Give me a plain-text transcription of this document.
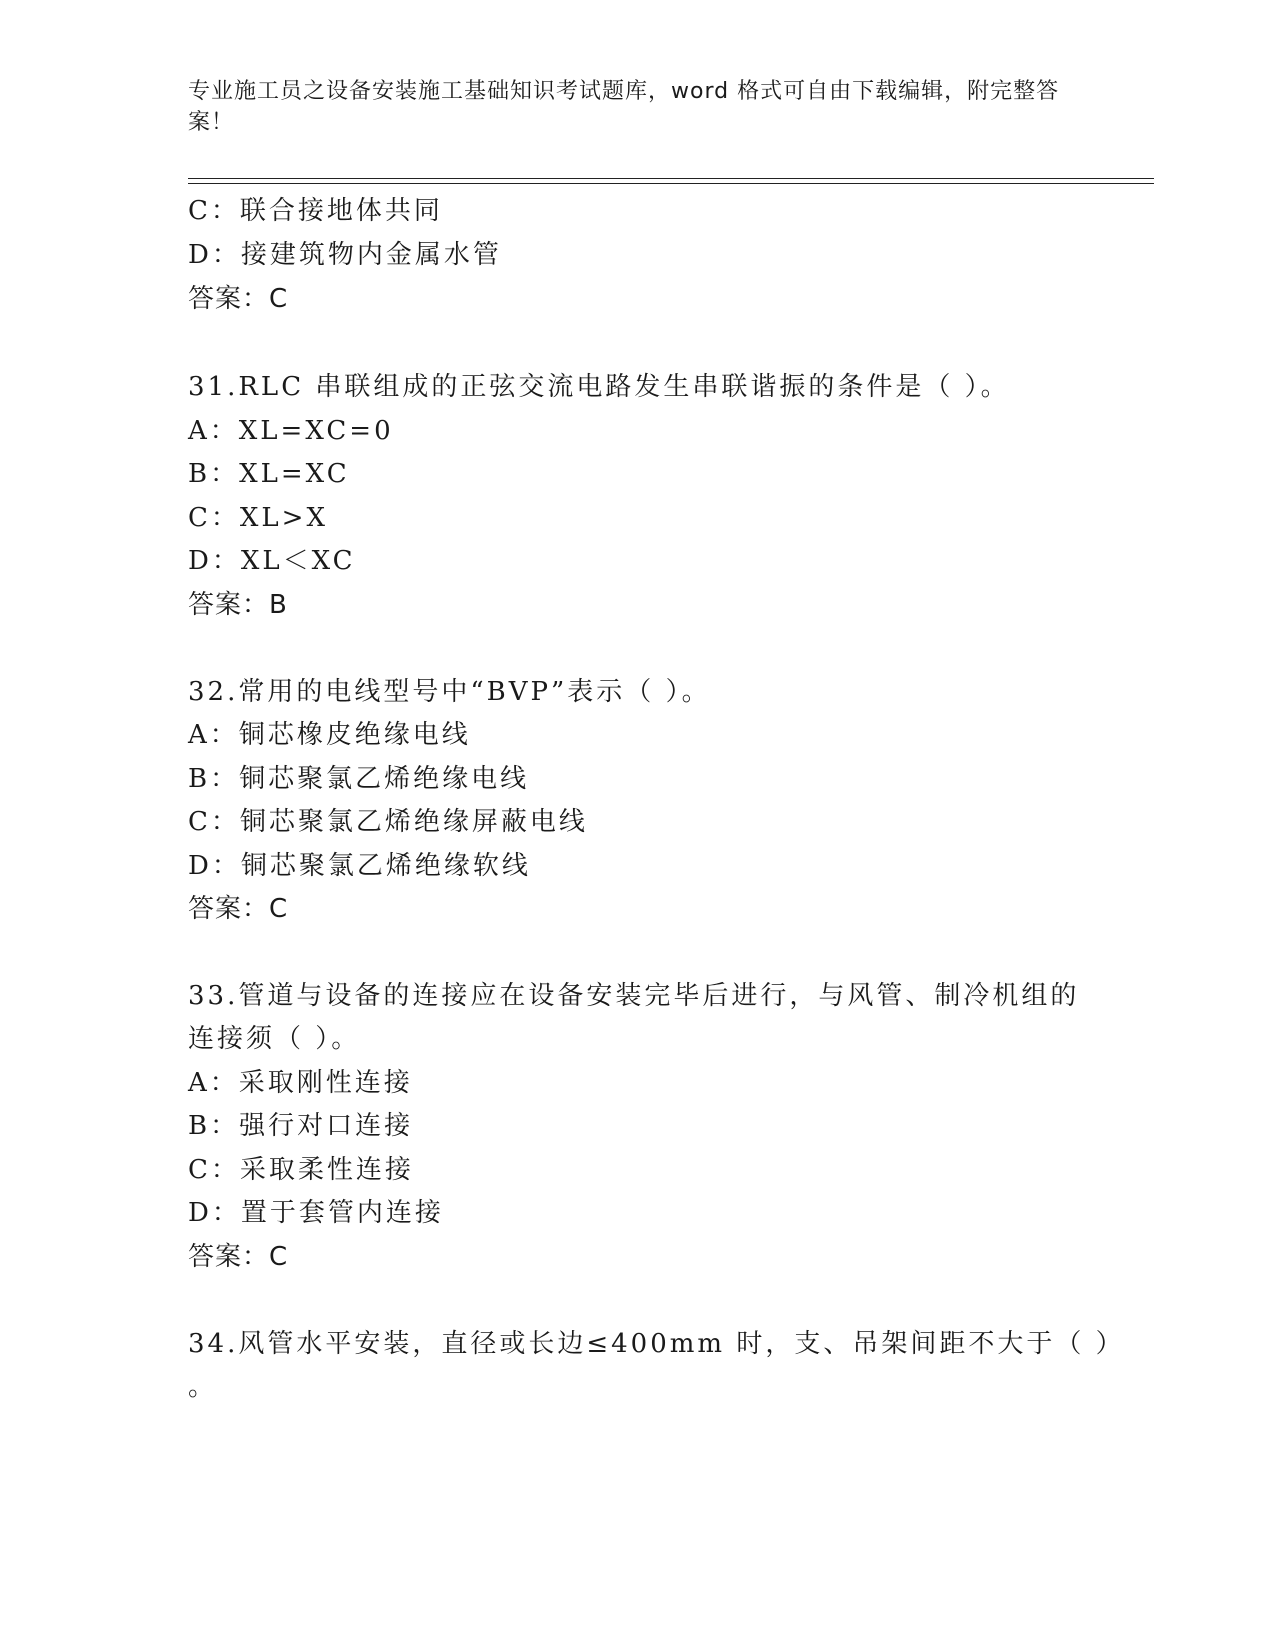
专业施工员之设备安装施工基础知识考试题库，word 格式可自由下载编辑，附完整答案！
C：联合接地体共同
D：接建筑物内金属水管
答案：C
31.RLC 串联组成的正弦交流电路发生串联谐振的条件是（ ）。
A：XL=XC=0
B：XL=XC
C：XL>X
D：XL＜XC
答案：B
32.常用的电线型号中“BVP”表示（ ）。
A：铜芯橡皮绝缘电线
B：铜芯聚氯乙烯绝缘电线
C：铜芯聚氯乙烯绝缘屏蔽电线
D：铜芯聚氯乙烯绝缘软线
答案：C
33.管道与设备的连接应在设备安装完毕后进行，与风管、制冷机组的
连接须（ ）。
A：采取刚性连接
B：强行对口连接
C：采取柔性连接
D：置于套管内连接
答案：C
34.风管水平安装，直径或长边≤400mm 时，支、吊架间距不大于（ ）
。
